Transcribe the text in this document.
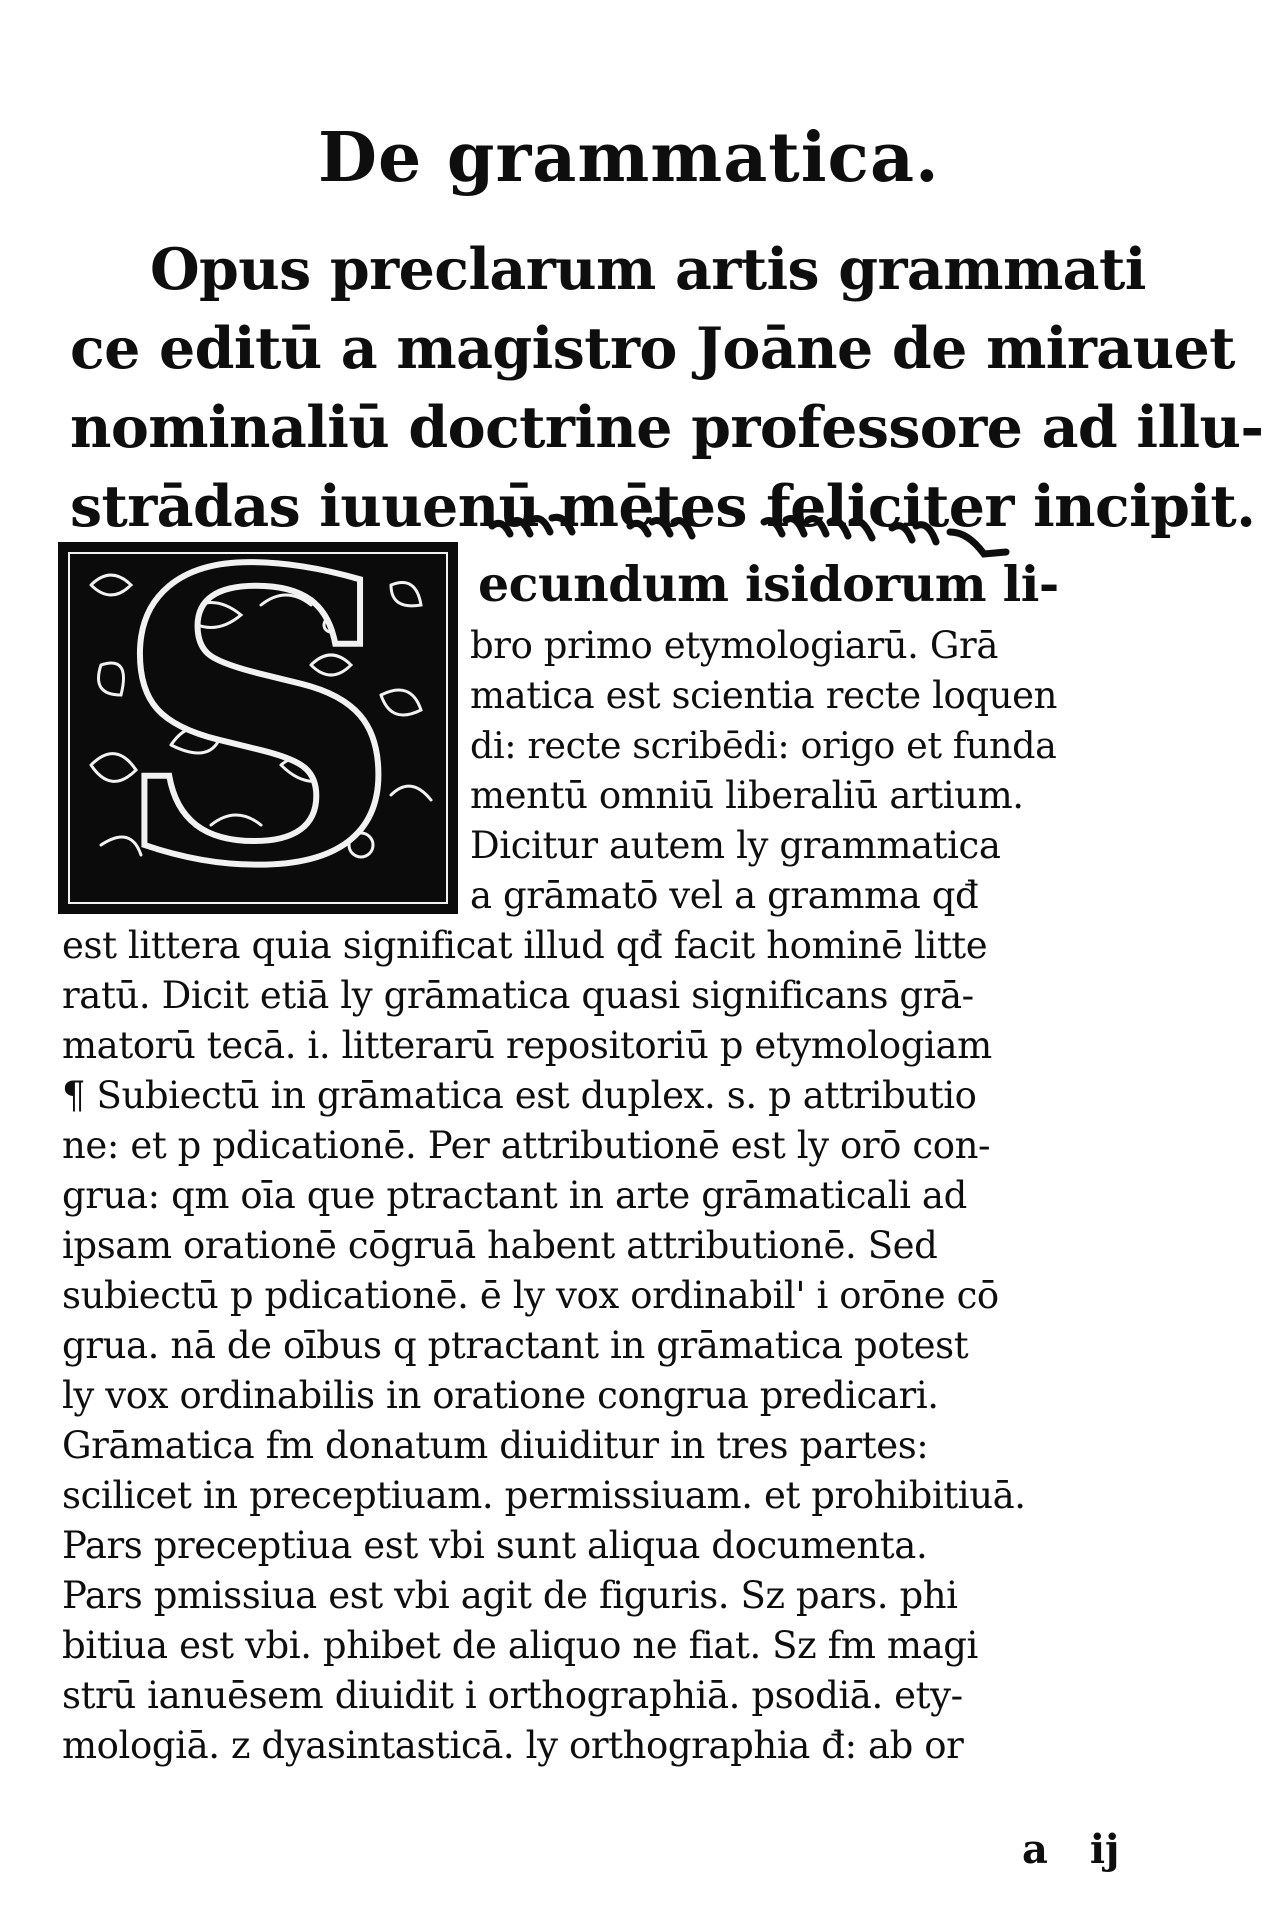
De grammatica.
Opus preclarum artis grammati
ce editū a magistro Joāne de mirauet
nominaliū doctrine professore ad illu-
strādas iuuenū mētes feliciter incipit.
S	ecundum isidorum li-
bro primo etymologiarū. Grā
matica est scientia recte loquen
di: recte scribēdi: origo et funda
mentū omniū liberaliū artium.
Dicitur autem ly grammatica
a grāmatō vel a gramma qđ
est littera quia significat illud qđ facit hominē litte
ratū. Dicit etiā ly grāmatica quasi significans grā-
matorū tecā. i. litterarū repositoriū p etymologiam
¶ Subiectū in grāmatica est duplex. s. p attributio
ne: et p pdicationē. Per attributionē est ly orō con-
grua: qm oīa que ptractant in arte grāmaticali ad
ipsam orationē cōgruā habent attributionē. Sed
subiectū p pdicationē. ē ly vox ordinabil' i orōne cō
grua. nā de oībus q ptractant in grāmatica potest
ly vox ordinabilis in oratione congrua predicari.
Grāmatica fm donatum diuiditur in tres partes:
scilicet in preceptiuam. permissiuam. et prohibitiuā.
Pars preceptiua est vbi sunt aliqua documenta.
Pars pmissiua est vbi agit de figuris. Sz pars. phi
bitiua est vbi. phibet de aliquo ne fiat. Sz fm magi
strū ianuēsem diuidit i orthographiā. psodiā. ety-
mologiā. z dyasintasticā. ly orthographia đ: ab or
a ij
